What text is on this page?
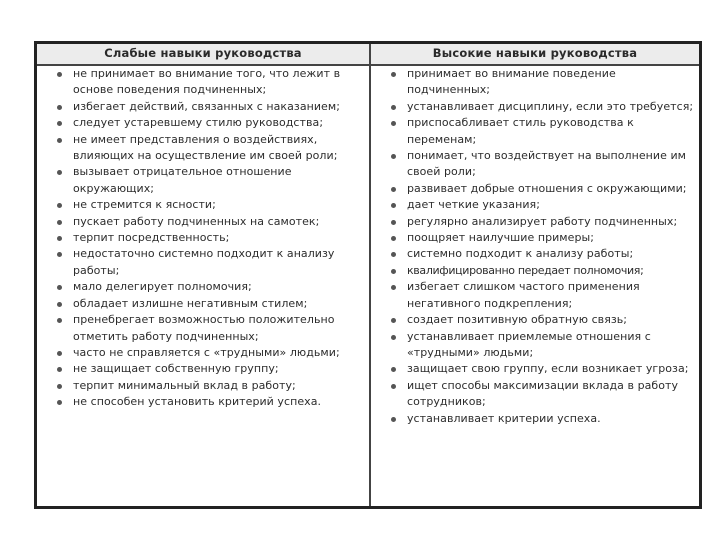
Слабые навыки руководства	Высокие навыки руководства
не принимает во внимание того, что лежит в основе поведения подчиненных;
избегает действий, связанных с наказанием;
следует устаревшему стилю руководства;
не имеет представления о воздействиях, влияющих на осуществление им своей роли;
вызывает отрицательное отношение окружающих;
не стремится к ясности;
пускает работу подчиненных на самотек;
терпит посредственность;
недостаточно системно подходит к анализу работы;
мало делегирует полномочия;
обладает излишне негативным стилем;
пренебрегает возможностью положительно отметить работу подчиненных;
часто не справляется с «трудными» людьми;
не защищает собственную группу;
терпит минимальный вклад в работу;
не способен установить критерий успеха.
принимает во внимание поведение подчиненных;
устанавливает дисциплину, если это требуется;
приспосабливает стиль руководства к переменам;
понимает, что воздействует на выполнение им своей роли;
развивает добрые отношения с окружающими;
дает четкие указания;
регулярно анализирует работу подчиненных;
поощряет наилучшие примеры;
системно подходит к анализу работы;
квалифицированно передает полномочия;
избегает слишком частого применения негативного подкрепления;
создает позитивную обратную связь;
устанавливает приемлемые отношения с «трудными» людьми;
защищает свою группу, если возникает угроза;
ищет способы максимизации вклада в работу сотрудников;
устанавливает критерии успеха.
